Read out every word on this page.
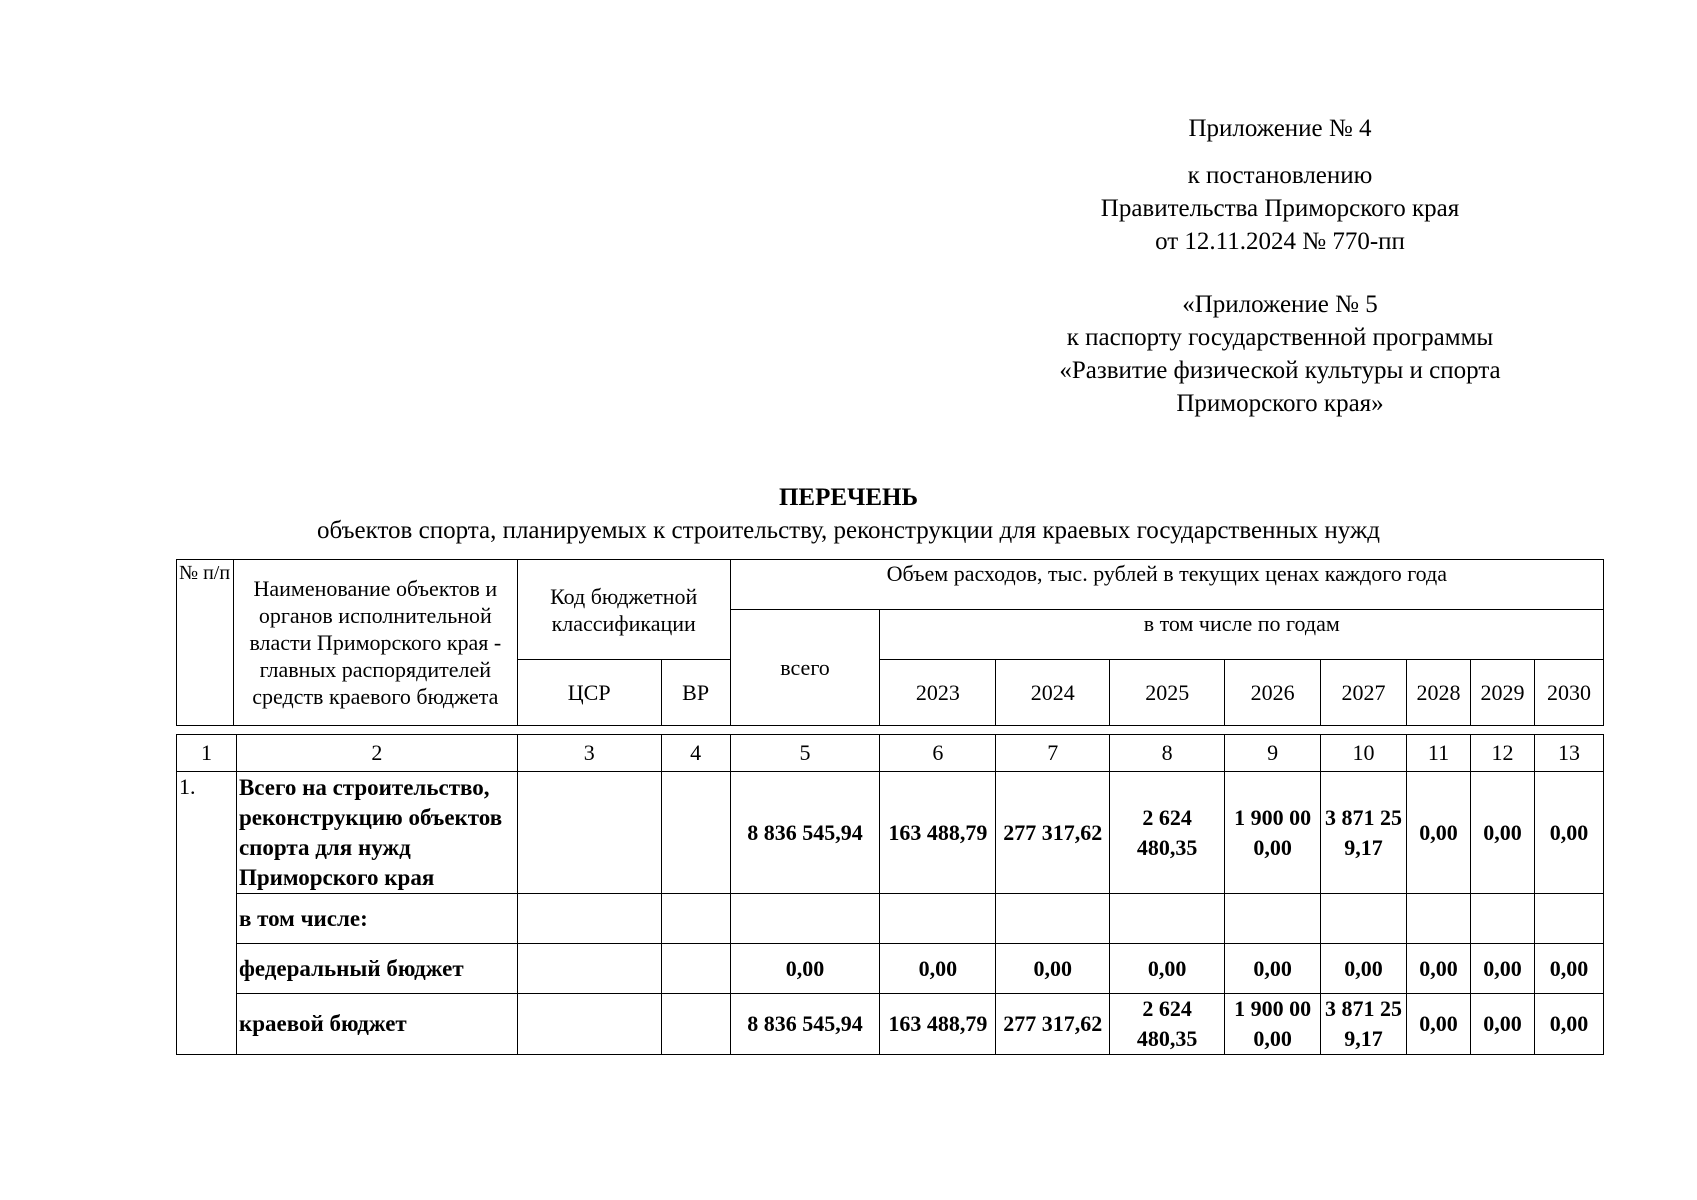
Приложение № 4
к постановлению
Правительства Приморского края
от 12.11.2024 № 770-пп
«Приложение № 5
к паспорту государственной программы
«Развитие физической культуры и спорта
Приморского края»
ПЕРЕЧЕНЬ
объектов спорта, планируемых к строительству, реконструкции для краевых государственных нужд
№ п/п	Наименование объектов и органов исполнительной власти Приморского края - главных распорядителей средств краевого бюджета	Код бюджетной классификации		Объем расходов, тыс. рублей в текущих ценах каждого года								
				всего	в том числе по годам							
		ЦСР	ВР		2023	2024	2025	2026	2027	2028	2029	2030
1	2	3	4	5	6	7	8	9	10	11	12	13
1.	Всего на строительство, реконструкцию объектов спорта для нужд Приморского края			8 836 545,94	163 488,79	277 317,62	2 624 480,35	1 900 000,00	3 871 259,17	0,00	0,00	0,00
	в том числе:											
	федеральный бюджет			0,00	0,00	0,00	0,00	0,00	0,00	0,00	0,00	0,00
	краевой бюджет			8 836 545,94	163 488,79	277 317,62	2 624 480,35	1 900 000,00	3 871 259,17	0,00	0,00	0,00
